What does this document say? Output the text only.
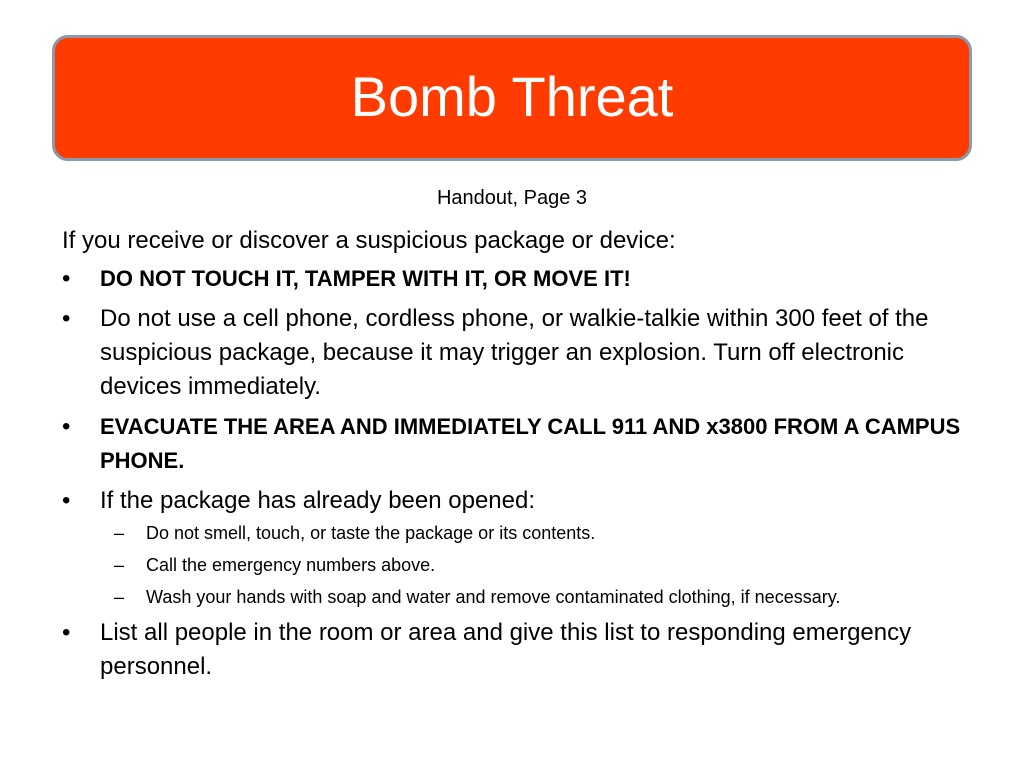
Bomb Threat
Handout, Page 3

If you receive or discover a suspicious package or device:

• DO NOT TOUCH IT, TAMPER WITH IT, OR MOVE IT!
• Do not use a cell phone, cordless phone, or walkie-talkie within 300 feet of the suspicious package, because it may trigger an explosion. Turn off electronic devices immediately.
• EVACUATE THE AREA AND IMMEDIATELY CALL 911 AND x3800 FROM A CAMPUS PHONE.
• If the package has already been opened:
– Do not smell, touch, or taste the package or its contents.
– Call the emergency numbers above.
– Wash your hands with soap and water and remove contaminated clothing, if necessary.
• List all people in the room or area and give this list to responding emergency personnel.
